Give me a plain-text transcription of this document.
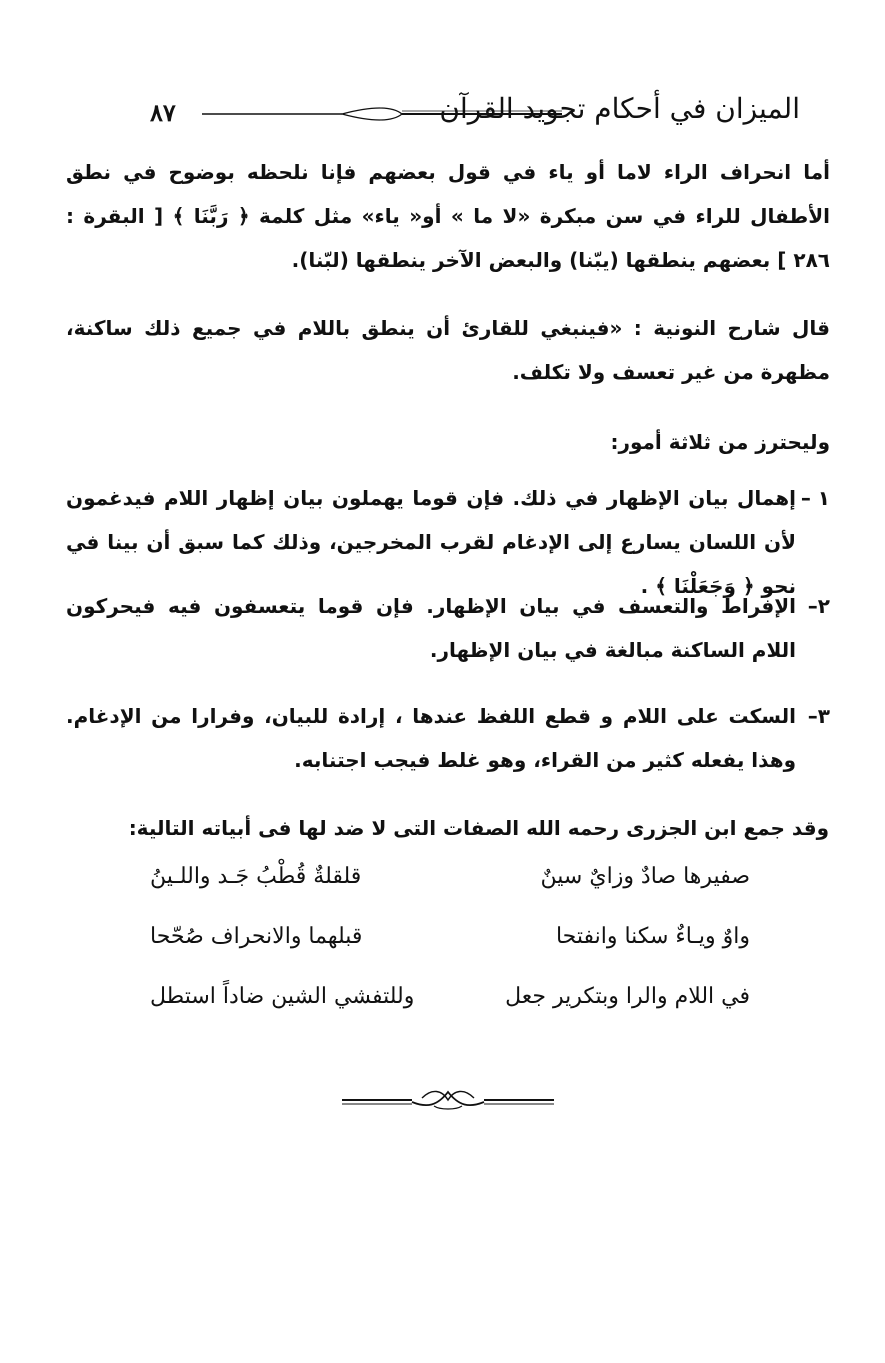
الميزان في أحكام تجويد القرآن
٨٧
أما انحراف الراء لاما أو ياء في قول بعضهم فإنا نلحظه بوضوح في نطق الأطفال للراء في سن مبكرة «لا ما » أو« ياء» مثل كلمة ﴿ رَبَّنَا ﴾ [ البقرة : ٢٨٦ ] بعضهم ينطقها (يبّنا) والبعض الآخر ينطقها (لبّنا).
قال شارح النونية : «فينبغي للقارئ أن ينطق باللام في جميع ذلك ساكنة، مظهرة من غير تعسف ولا تكلف.
وليحترز من ثلاثة أمور:
١ –
إهمال بيان الإظهار في ذلك. فإن قوما يهملون بيان إظهار اللام فيدغمون لأن اللسان يسارع إلى الإدغام لقرب المخرجين، وذلك كما سبق أن بينا في نحو ﴿ وَجَعَلْنَا ﴾ .
٢–
الإفراط والتعسف في بيان الإظهار. فإن قوما يتعسفون فيه فيحركون اللام الساكنة مبالغة في بيان الإظهار.
٣–
السكت على اللام و قطع اللفظ عندها ، إرادة للبيان، وفرارا من الإدغام. وهذا يفعله كثير من القراء، وهو غلط فيجب اجتنابه.
وقد جمع ابن الجزرى رحمه الله الصفات التى لا ضد لها فى أبياته التالية:
صفيرها صادٌ وزايٌ سينٌ
قلقلةٌ قُطْبُ جَـد واللـينُ
واوٌ ويـاءٌ سكنا وانفتحا
قبلهما والانحراف صُحّحا
في اللام والرا وبتكرير جعل
وللتفشي الشين ضاداً استطل
